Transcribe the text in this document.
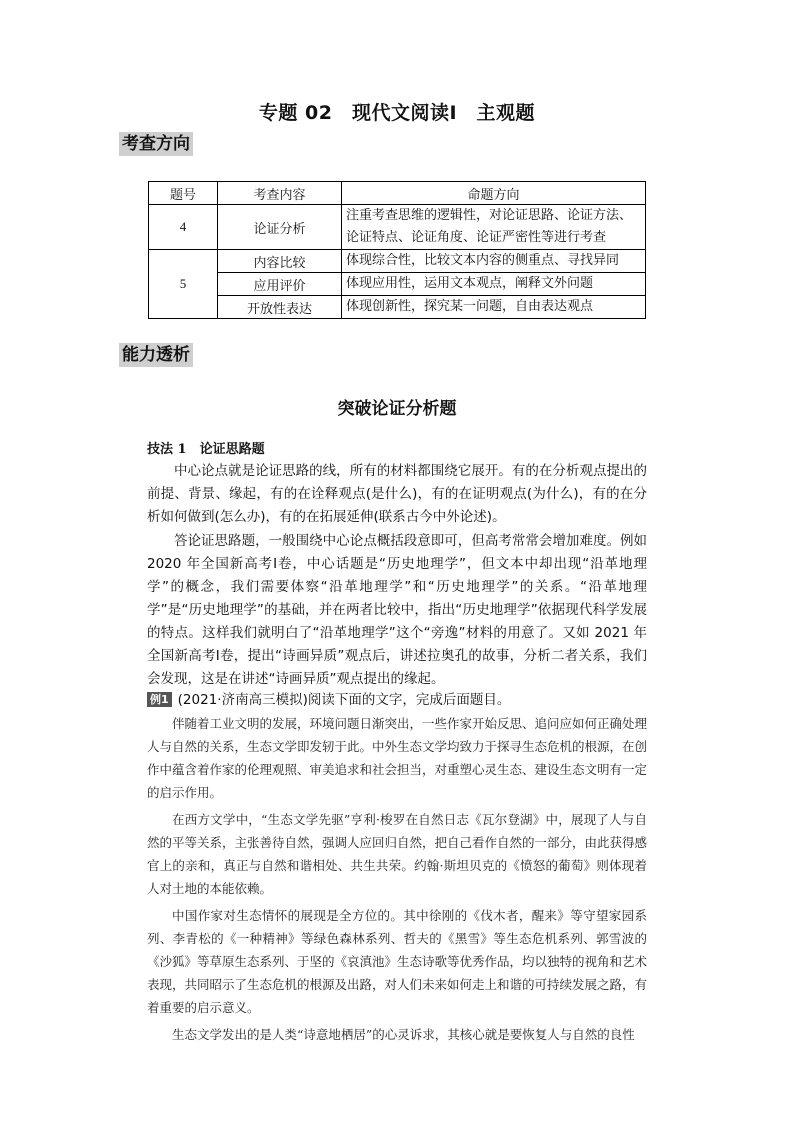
专题 02　现代文阅读Ⅰ　主观题
考查方向
题号	考查内容	命题方向
4	论证分析	注重考查思维的逻辑性，对论证思路、论证方法、论证特点、论证角度、论证严密性等进行考查
5	内容比较	体现综合性，比较文本内容的侧重点、寻找异同
	应用评价	体现应用性，运用文本观点，阐释文外问题
	开放性表达	体现创新性，探究某一问题，自由表达观点
能力透析
突破论证分析题
技法 1　论证思路题

中心论点就是论证思路的线，所有的材料都围绕它展开。有的在分析观点提出的前提、背景、缘起，有的在诠释观点(是什么)，有的在证明观点(为什么)，有的在分析如何做到(怎么办)，有的在拓展延伸(联系古今中外论述)。

答论证思路题，一般围绕中心论点概括段意即可，但高考常常会增加难度。例如 2020 年全国新高考Ⅰ卷，中心话题是“历史地理学”，但文本中却出现“沿革地理学”的概念，我们需要体察“沿革地理学”和“历史地理学”的关系。“沿革地理学”是“历史地理学”的基础，并在两者比较中，指出“历史地理学”依据现代科学发展的特点。这样我们就明白了“沿革地理学”这个“旁逸”材料的用意了。又如 2021 年全国新高考Ⅰ卷，提出“诗画异质”观点后，讲述拉奥孔的故事，分析二者关系，我们会发现，这是在讲述“诗画异质”观点提出的缘起。

例1 (2021·济南高三模拟)阅读下面的文字，完成后面题目。

伴随着工业文明的发展，环境问题日渐突出，一些作家开始反思、追问应如何正确处理人与自然的关系，生态文学即发轫于此。中外生态文学均致力于探寻生态危机的根源，在创作中蕴含着作家的伦理观照、审美追求和社会担当，对重塑心灵生态、建设生态文明有一定的启示作用。

在西方文学中，“生态文学先驱”亨利·梭罗在自然日志《瓦尔登湖》中，展现了人与自然的平等关系，主张善待自然，强调人应回归自然，把自己看作自然的一部分，由此获得感官上的亲和，真正与自然和谐相处、共生共荣。约翰·斯坦贝克的《愤怒的葡萄》则体现着人对土地的本能依赖。

中国作家对生态情怀的展现是全方位的。其中徐刚的《伐木者，醒来》等守望家园系列、李青松的《一种精神》等绿色森林系列、哲夫的《黑雪》等生态危机系列、郭雪波的《沙狐》等草原生态系列、于坚的《哀滇池》生态诗歌等优秀作品，均以独特的视角和艺术表现，共同昭示了生态危机的根源及出路，对人们未来如何走上和谐的可持续发展之路，有着重要的启示意义。

生态文学发出的是人类“诗意地栖居”的心灵诉求，其核心就是要恢复人与自然的良性
